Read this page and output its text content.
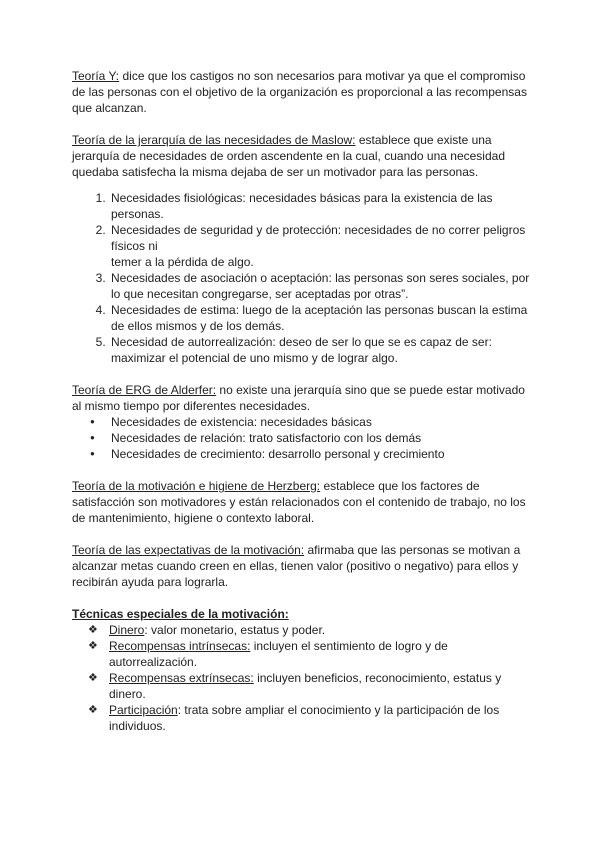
Teoría Y: dice que los castigos no son necesarios para motivar ya que el compromiso de las personas con el objetivo de la organización es proporcional a las recompensas que alcanzan.

Teoría de la jerarquía de las necesidades de Maslow: establece que existe una jerarquía de necesidades de orden ascendente en la cual, cuando una necesidad quedaba satisfecha la misma dejaba de ser un motivador para las personas.

1. Necesidades fisiológicas: necesidades básicas para la existencia de las personas.
2. Necesidades de seguridad y de protección: necesidades de no correr peligros físicos ni
temer a la pérdida de algo.
3. Necesidades de asociación o aceptación: las personas son seres sociales, por lo que necesitan congregarse, ser aceptadas por otras”.
4. Necesidades de estima: luego de la aceptación las personas buscan la estima de ellos mismos y de los demás.
5. Necesidad de autorrealización: deseo de ser lo que se es capaz de ser: maximizar el potencial de uno mismo y de lograr algo.

Teoría de ERG de Alderfer: no existe una jerarquía sino que se puede estar motivado al mismo tiempo por diferentes necesidades.

● Necesidades de existencia: necesidades básicas
● Necesidades de relación: trato satisfactorio con los demás
● Necesidades de crecimiento: desarrollo personal y crecimiento

Teoría de la motivación e higiene de Herzberg: establece que los factores de satisfacción son motivadores y están relacionados con el contenido de trabajo, no los de mantenimiento, higiene o contexto laboral.

Teoría de las expectativas de la motivación: afirmaba que las personas se motivan a alcanzar metas cuando creen en ellas, tienen valor (positivo o negativo) para ellos y recibirán ayuda para lograrla.

Técnicas especiales de la motivación:

❖ Dinero: valor monetario, estatus y poder.
❖ Recompensas intrínsecas: incluyen el sentimiento de logro y de autorrealización.
❖ Recompensas extrínsecas: incluyen beneficios, reconocimiento, estatus y dinero.
❖ Participación: trata sobre ampliar el conocimiento y la participación de los individuos.
